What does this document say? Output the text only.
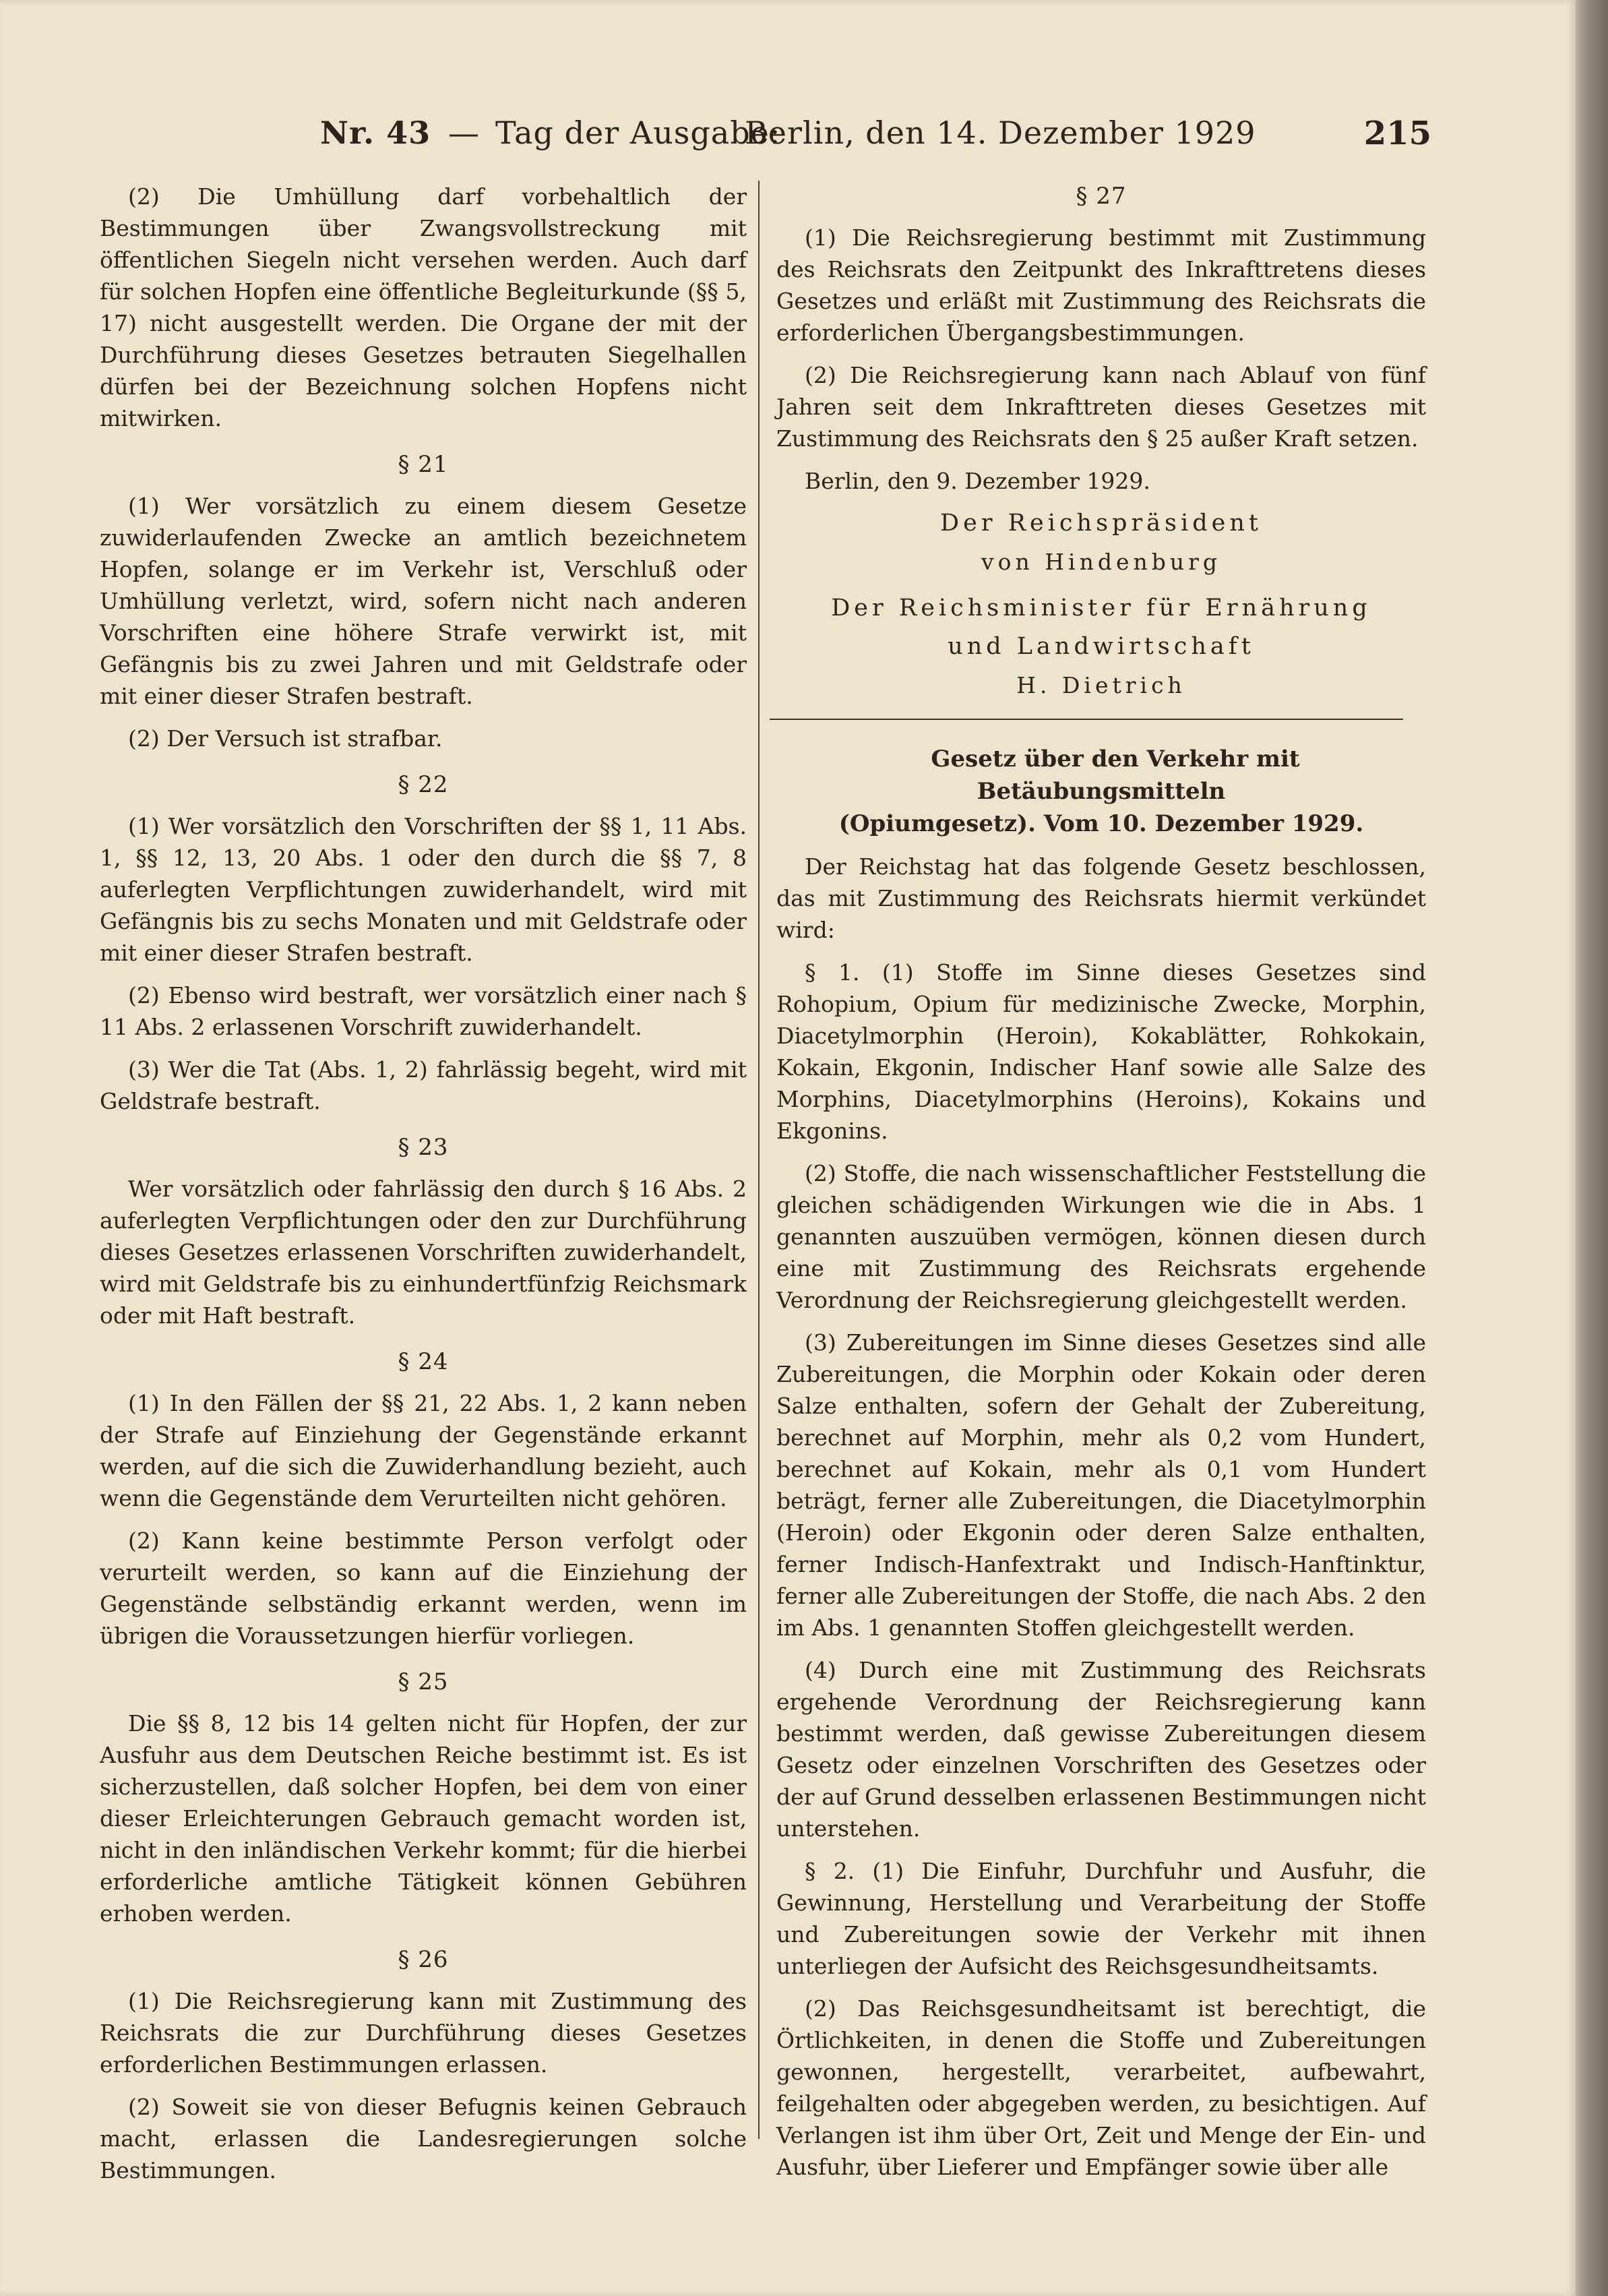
Nr. 43 — Tag der Ausgabe:
Berlin, den 14. Dezember 1929	215

(2) Die Umhüllung darf vorbehaltlich der Bestimmungen über Zwangsvollstreckung mit öffentlichen Siegeln nicht versehen werden. Auch darf für solchen Hopfen eine öffentliche Begleiturkunde (§§ 5, 17) nicht ausgestellt werden. Die Organe der mit der Durchführung dieses Gesetzes betrauten Siegelhallen dürfen bei der Bezeichnung solchen Hopfens nicht mitwirken.

§ 21

(1) Wer vorsätzlich zu einem diesem Gesetze zuwiderlaufenden Zwecke an amtlich bezeichnetem Hopfen, solange er im Verkehr ist, Verschluß oder Umhüllung verletzt, wird, sofern nicht nach anderen Vorschriften eine höhere Strafe verwirkt ist, mit Gefängnis bis zu zwei Jahren und mit Geldstrafe oder mit einer dieser Strafen bestraft.

(2) Der Versuch ist strafbar.

§ 22

(1) Wer vorsätzlich den Vorschriften der §§ 1, 11 Abs. 1, §§ 12, 13, 20 Abs. 1 oder den durch die §§ 7, 8 auferlegten Verpflichtungen zuwiderhandelt, wird mit Gefängnis bis zu sechs Monaten und mit Geldstrafe oder mit einer dieser Strafen bestraft.

(2) Ebenso wird bestraft, wer vorsätzlich einer nach § 11 Abs. 2 erlassenen Vorschrift zuwiderhandelt.

(3) Wer die Tat (Abs. 1, 2) fahrlässig begeht, wird mit Geldstrafe bestraft.

§ 23

Wer vorsätzlich oder fahrlässig den durch § 16 Abs. 2 auferlegten Verpflichtungen oder den zur Durchführung dieses Gesetzes erlassenen Vorschriften zuwiderhandelt, wird mit Geldstrafe bis zu einhundertfünfzig Reichsmark oder mit Haft bestraft.

§ 24

(1) In den Fällen der §§ 21, 22 Abs. 1, 2 kann neben der Strafe auf Einziehung der Gegenstände erkannt werden, auf die sich die Zuwiderhandlung bezieht, auch wenn die Gegenstände dem Verurteilten nicht gehören.

(2) Kann keine bestimmte Person verfolgt oder verurteilt werden, so kann auf die Einziehung der Gegenstände selbständig erkannt werden, wenn im übrigen die Voraussetzungen hierfür vorliegen.

§ 25

Die §§ 8, 12 bis 14 gelten nicht für Hopfen, der zur Ausfuhr aus dem Deutschen Reiche bestimmt ist. Es ist sicherzustellen, daß solcher Hopfen, bei dem von einer dieser Erleichterungen Gebrauch gemacht worden ist, nicht in den inländischen Verkehr kommt; für die hierbei erforderliche amtliche Tätigkeit können Gebühren erhoben werden.

§ 26

(1) Die Reichsregierung kann mit Zustimmung des Reichsrats die zur Durchführung dieses Gesetzes erforderlichen Bestimmungen erlassen.

(2) Soweit sie von dieser Befugnis keinen Gebrauch macht, erlassen die Landesregierungen solche Bestimmungen.

§ 27

(1) Die Reichsregierung bestimmt mit Zustimmung des Reichsrats den Zeitpunkt des Inkrafttretens dieses Gesetzes und erläßt mit Zustimmung des Reichsrats die erforderlichen Übergangsbestimmungen.

(2) Die Reichsregierung kann nach Ablauf von fünf Jahren seit dem Inkrafttreten dieses Gesetzes mit Zustimmung des Reichsrats den § 25 außer Kraft setzen.

Berlin, den 9. Dezember 1929.

Der Reichspräsident
von Hindenburg
Der Reichsminister für Ernährung
und Landwirtschaft
H. Dietrich

Gesetz über den Verkehr mit Betäubungsmitteln
(Opiumgesetz). Vom 10. Dezember 1929.

Der Reichstag hat das folgende Gesetz beschlossen, das mit Zustimmung des Reichsrats hiermit verkündet wird:

§ 1. (1) Stoffe im Sinne dieses Gesetzes sind Rohopium, Opium für medizinische Zwecke, Morphin, Diacetylmorphin (Heroin), Kokablätter, Rohkokain, Kokain, Ekgonin, Indischer Hanf sowie alle Salze des Morphins, Diacetylmorphins (Heroins), Kokains und Ekgonins.

(2) Stoffe, die nach wissenschaftlicher Feststellung die gleichen schädigenden Wirkungen wie die in Abs. 1 genannten auszuüben vermögen, können diesen durch eine mit Zustimmung des Reichsrats ergehende Verordnung der Reichsregierung gleichgestellt werden.

(3) Zubereitungen im Sinne dieses Gesetzes sind alle Zubereitungen, die Morphin oder Kokain oder deren Salze enthalten, sofern der Gehalt der Zubereitung, berechnet auf Morphin, mehr als 0,2 vom Hundert, berechnet auf Kokain, mehr als 0,1 vom Hundert beträgt, ferner alle Zubereitungen, die Diacetylmorphin (Heroin) oder Ekgonin oder deren Salze enthalten, ferner Indisch-Hanfextrakt und Indisch-Hanftinktur, ferner alle Zubereitungen der Stoffe, die nach Abs. 2 den im Abs. 1 genannten Stoffen gleichgestellt werden.

(4) Durch eine mit Zustimmung des Reichsrats ergehende Verordnung der Reichsregierung kann bestimmt werden, daß gewisse Zubereitungen diesem Gesetz oder einzelnen Vorschriften des Gesetzes oder der auf Grund desselben erlassenen Bestimmungen nicht unterstehen.

§ 2. (1) Die Einfuhr, Durchfuhr und Ausfuhr, die Gewinnung, Herstellung und Verarbeitung der Stoffe und Zubereitungen sowie der Verkehr mit ihnen unterliegen der Aufsicht des Reichsgesundheitsamts.

(2) Das Reichsgesundheitsamt ist berechtigt, die Örtlichkeiten, in denen die Stoffe und Zubereitungen gewonnen, hergestellt, verarbeitet, aufbewahrt, feilgehalten oder abgegeben werden, zu besichtigen. Auf Verlangen ist ihm über Ort, Zeit und Menge der Ein- und Ausfuhr, über Lieferer und Empfänger sowie über alle
